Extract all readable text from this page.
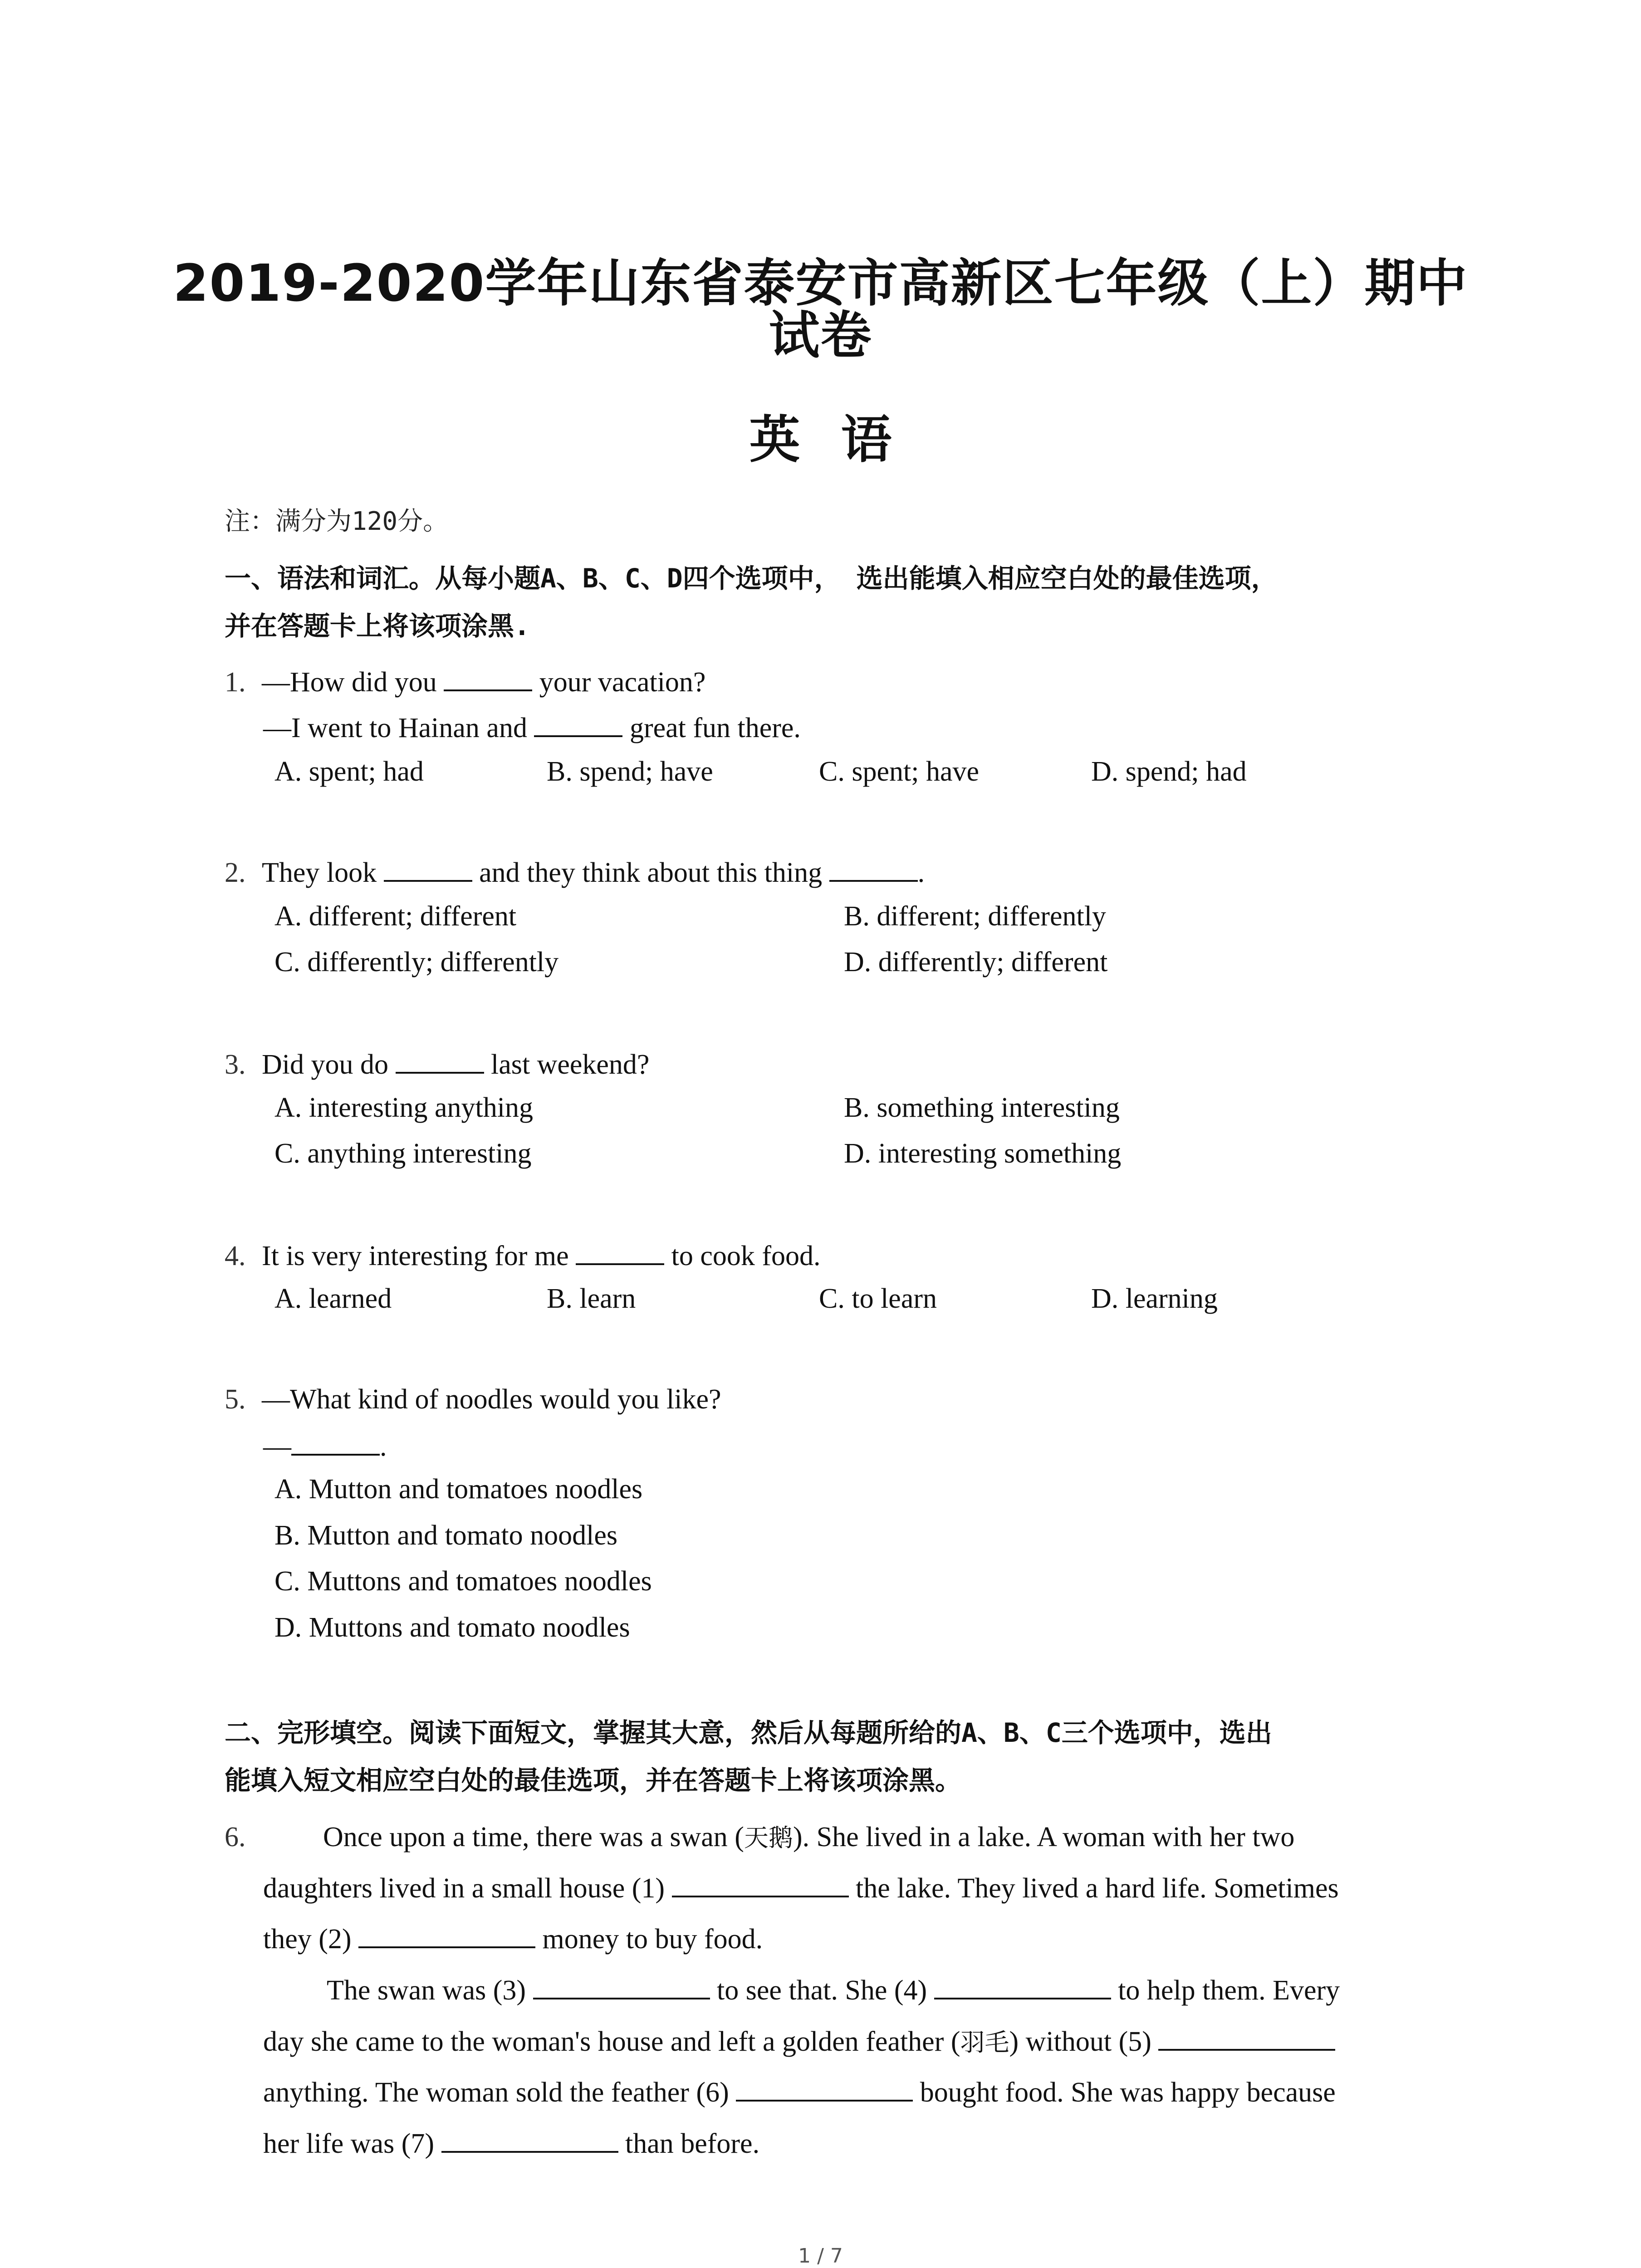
2019-2020学年山东省泰安市高新区七年级（上）期中
试卷
英语
注：满分为120分。
一、语法和词汇。从每小题A、B、C、D四个选项中， 选出能填入相应空白处的最佳选项，
并在答题卡上将该项涂黑.
1. —How did you	your vacation?
—I went to Hainan and	great fun there.
A. spent; had	B. spend; have	C. spent; have	D. spend; had
2. They look	and they think about this thing	.
A. different; different	B. different; differently
C. differently; differently	D. differently; different
3. Did you do	last weekend?
A. interesting anything	B. something interesting
C. anything interesting	D. interesting something
4. It is very interesting for me	to cook food.
A. learned	B. learn	C. to learn	D. learning
5. —What kind of noodles would you like?
—	.
A. Mutton and tomatoes noodles
B. Mutton and tomato noodles
C. Muttons and tomatoes noodles
D. Muttons and tomato noodles
二、完形填空。阅读下面短文，掌握其大意，然后从每题所给的A、B、C三个选项中，选出
能填入短文相应空白处的最佳选项，并在答题卡上将该项涂黑。
6.	Once upon a time, there was a swan (天鹅). She lived in a lake. A woman with her two
daughters lived in a small house (1)	the lake. They lived a hard life. Sometimes
they (2)	money to buy food.
The swan was (3)	to see that. She (4)	to help them. Every
day she came to the woman's house and left a golden feather (羽毛) without (5)
anything. The woman sold the feather (6)	bought food. She was happy because
her life was (7)	than before.
1 / 7
